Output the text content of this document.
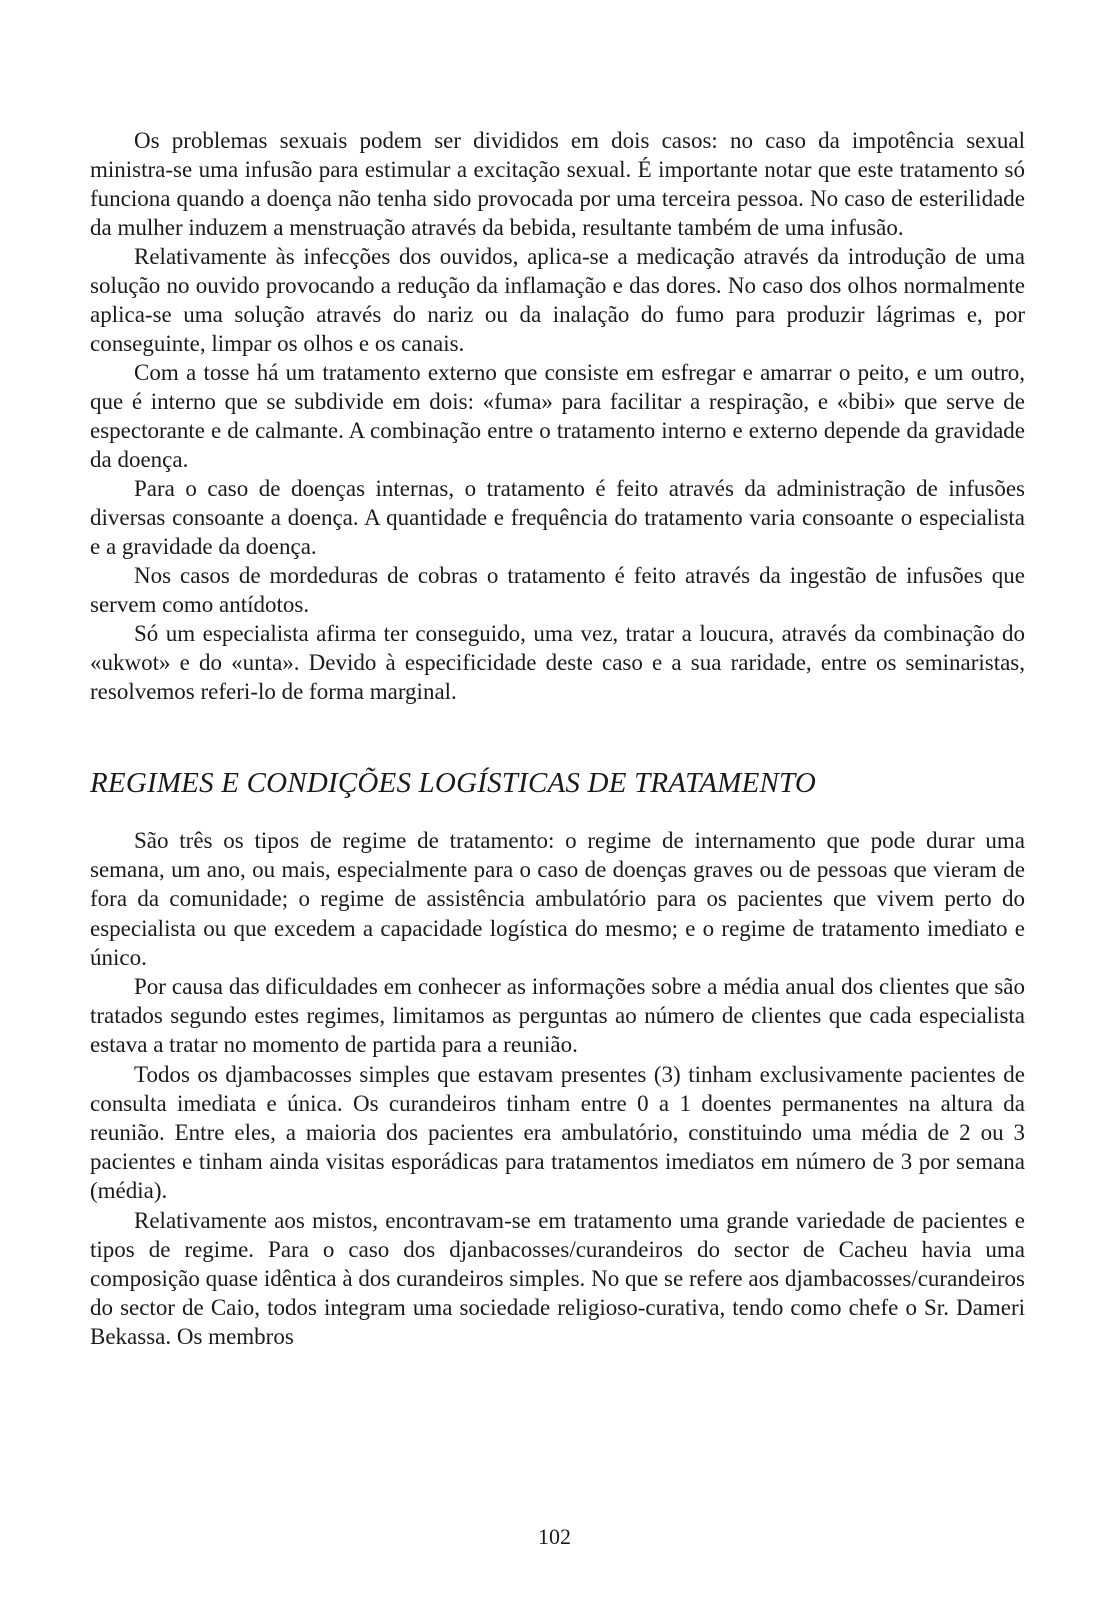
Os problemas sexuais podem ser divididos em dois casos: no caso da impotência sexual ministra-se uma infusão para estimular a excitação sexual. É importante notar que este tratamento só funciona quando a doença não tenha sido provocada por uma terceira pessoa. No caso de esterilidade da mulher induzem a menstruação através da bebida, resultante também de uma infusão.

Relativamente às infecções dos ouvidos, aplica-se a medicação através da introdução de uma solução no ouvido provocando a redução da inflamação e das dores. No caso dos olhos normalmente aplica-se uma solução através do nariz ou da inalação do fumo para produzir lágrimas e, por conseguinte, limpar os olhos e os canais.

Com a tosse há um tratamento externo que consiste em esfregar e amarrar o peito, e um outro, que é interno que se subdivide em dois: «fuma» para facilitar a respiração, e «bibi» que serve de espectorante e de calmante. A combinação entre o tratamento interno e externo depende da gravidade da doença.

Para o caso de doenças internas, o tratamento é feito através da administração de infusões diversas consoante a doença. A quantidade e frequência do tratamento varia consoante o especialista e a gravidade da doença.

Nos casos de mordeduras de cobras o tratamento é feito através da ingestão de infusões que servem como antídotos.

Só um especialista afirma ter conseguido, uma vez, tratar a loucura, através da combinação do «ukwot» e do «unta». Devido à especificidade deste caso e a sua raridade, entre os seminaristas, resolvemos referi-lo de forma marginal.

REGIMES E CONDIÇÕES LOGÍSTICAS DE TRATAMENTO

São três os tipos de regime de tratamento: o regime de internamento que pode durar uma semana, um ano, ou mais, especialmente para o caso de doenças graves ou de pessoas que vieram de fora da comunidade; o regime de assistência ambulatório para os pacientes que vivem perto do especialista ou que excedem a capacidade logística do mesmo; e o regime de tratamento imediato e único.

Por causa das dificuldades em conhecer as informações sobre a média anual dos clientes que são tratados segundo estes regimes, limitamos as perguntas ao número de clientes que cada especialista estava a tratar no momento de partida para a reunião.

Todos os djambacosses simples que estavam presentes (3) tinham exclusivamente pacientes de consulta imediata e única. Os curandeiros tinham entre 0 a 1 doentes permanentes na altura da reunião. Entre eles, a maioria dos pacientes era ambulatório, constituindo uma média de 2 ou 3 pacientes e tinham ainda visitas esporádicas para tratamentos imediatos em número de 3 por semana (média).

Relativamente aos mistos, encontravam-se em tratamento uma grande variedade de pacientes e tipos de regime. Para o caso dos djanbacosses/curandeiros do sector de Cacheu havia uma composição quase idêntica à dos curandeiros simples. No que se refere aos djambacosses/curandeiros do sector de Caio, todos integram uma sociedade religioso-curativa, tendo como chefe o Sr. Dameri Bekassa. Os membros

102
